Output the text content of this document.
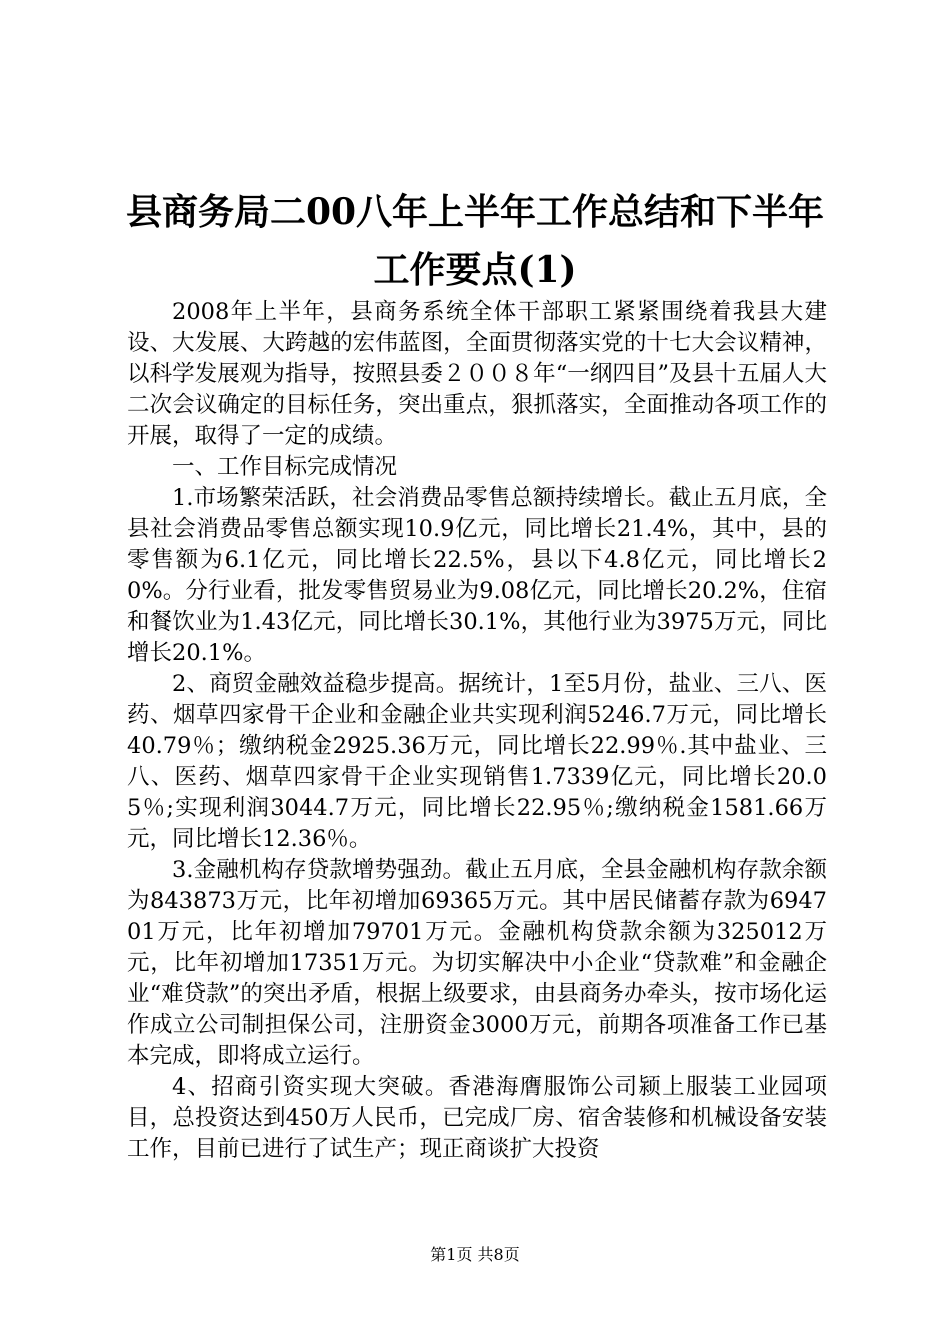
县商务局二00八年上半年工作总结和下半年
工作要点(1)

2008年上半年，县商务系统全体干部职工紧紧围绕着我县大建设、大发展、大跨越的宏伟蓝图，全面贯彻落实党的十七大会议精神，以科学发展观为指导，按照县委２００８年“一纲四目”及县十五届人大二次会议确定的目标任务，突出重点，狠抓落实，全面推动各项工作的开展，取得了一定的成绩。

一、工作目标完成情况

1.市场繁荣活跃，社会消费品零售总额持续增长。截止五月底，全县社会消费品零售总额实现10.9亿元，同比增长21.4%，其中，县的零售额为6.1亿元，同比增长22.5%，县以下4.8亿元，同比增长20%。分行业看，批发零售贸易业为9.08亿元，同比增长20.2%，住宿和餐饮业为1.43亿元，同比增长30.1%，其他行业为3975万元，同比增长20.1%。

2、商贸金融效益稳步提高。据统计，1至5月份，盐业、三八、医药、烟草四家骨干企业和金融企业共实现利润5246.7万元，同比增长40.79％；缴纳税金2925.36万元，同比增长22.99％.其中盐业、三八、医药、烟草四家骨干企业实现销售1.7339亿元，同比增长20.05％;实现利润3044.7万元，同比增长22.95％;缴纳税金1581.66万元，同比增长12.36％。

3.金融机构存贷款增势强劲。截止五月底，全县金融机构存款余额为843873万元，比年初增加69365万元。其中居民储蓄存款为694701万元，比年初增加79701万元。金融机构贷款余额为325012万元，比年初增加17351万元。为切实解决中小企业“贷款难”和金融企业“难贷款”的突出矛盾，根据上级要求，由县商务办牵头，按市场化运作成立公司制担保公司，注册资金3000万元，前期各项准备工作已基本完成，即将成立运行。

4、招商引资实现大突破。香港海膺服饰公司颍上服装工业园项目，总投资达到450万人民币，已完成厂房、宿舍装修和机械设备安装工作，目前已进行了试生产；现正商谈扩大投资

第1页 共8页
